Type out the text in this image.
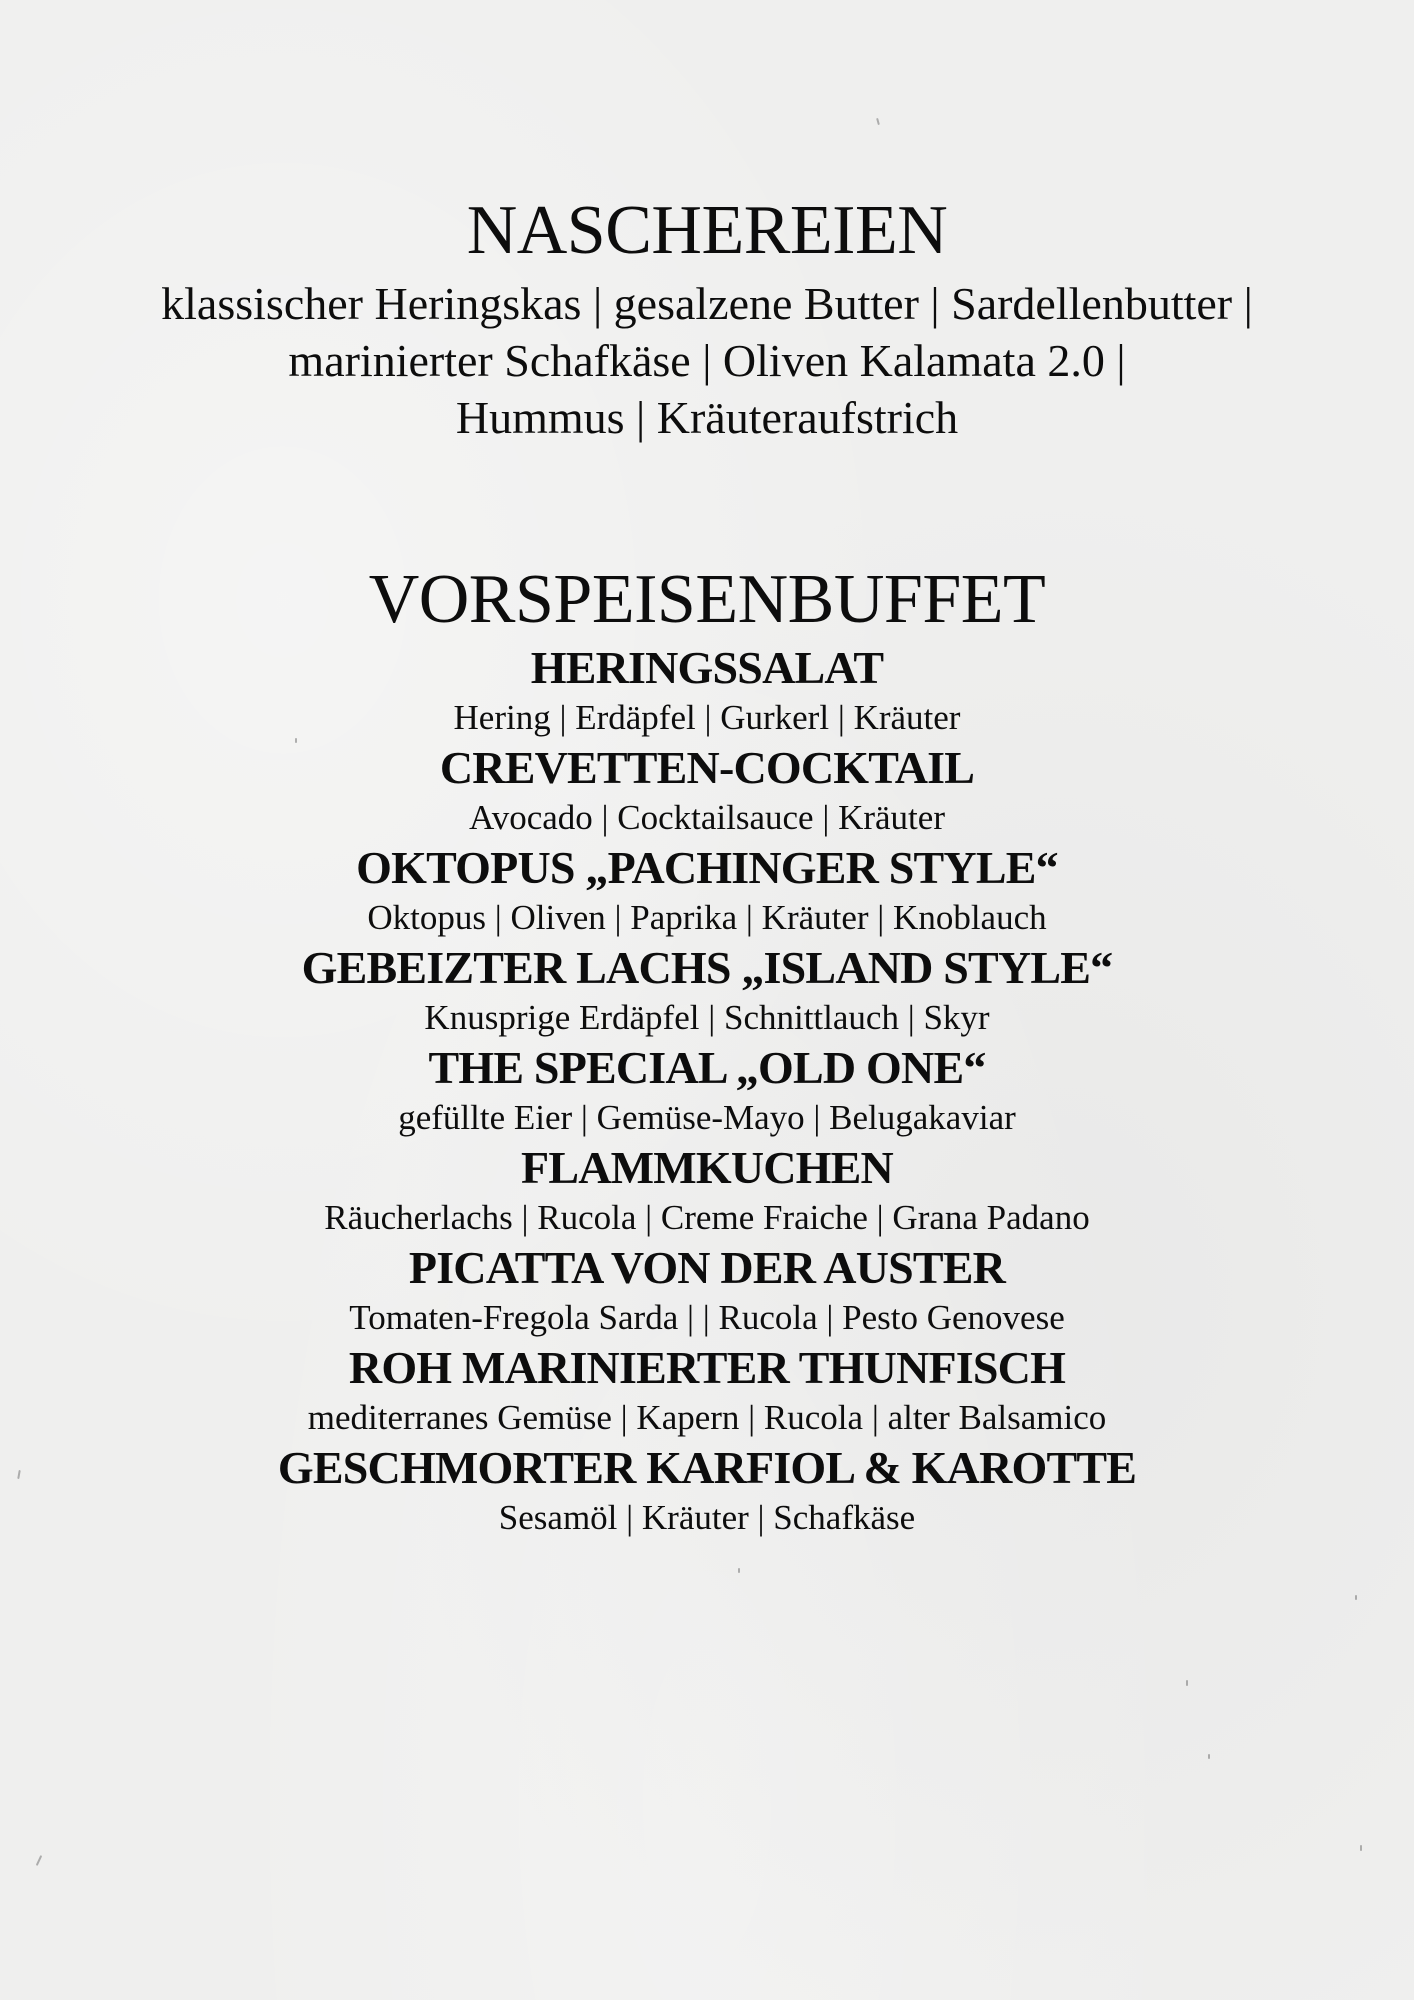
NASCHEREIEN

klassischer Heringskas | gesalzene Butter | Sardellenbutter |
marinierter Schafkäse | Oliven Kalamata 2.0 |
Hummus | Kräuteraufstrich

VORSPEISENBUFFET
HERINGSSALAT
Hering | Erdäpfel | Gurkerl | Kräuter
CREVETTEN-COCKTAIL
Avocado | Cocktailsauce | Kräuter
OKTOPUS „PACHINGER STYLE“
Oktopus | Oliven | Paprika | Kräuter | Knoblauch
GEBEIZTER LACHS „ISLAND STYLE“
Knusprige Erdäpfel | Schnittlauch | Skyr
THE SPECIAL „OLD ONE“
gefüllte Eier | Gemüse-Mayo | Belugakaviar
FLAMMKUCHEN
Räucherlachs | Rucola | Creme Fraiche | Grana Padano
PICATTA VON DER AUSTER
Tomaten-Fregola Sarda | | Rucola | Pesto Genovese
ROH MARINIERTER THUNFISCH
mediterranes Gemüse | Kapern | Rucola | alter Balsamico
GESCHMORTER KARFIOL & KAROTTE
Sesamöl | Kräuter | Schafkäse
